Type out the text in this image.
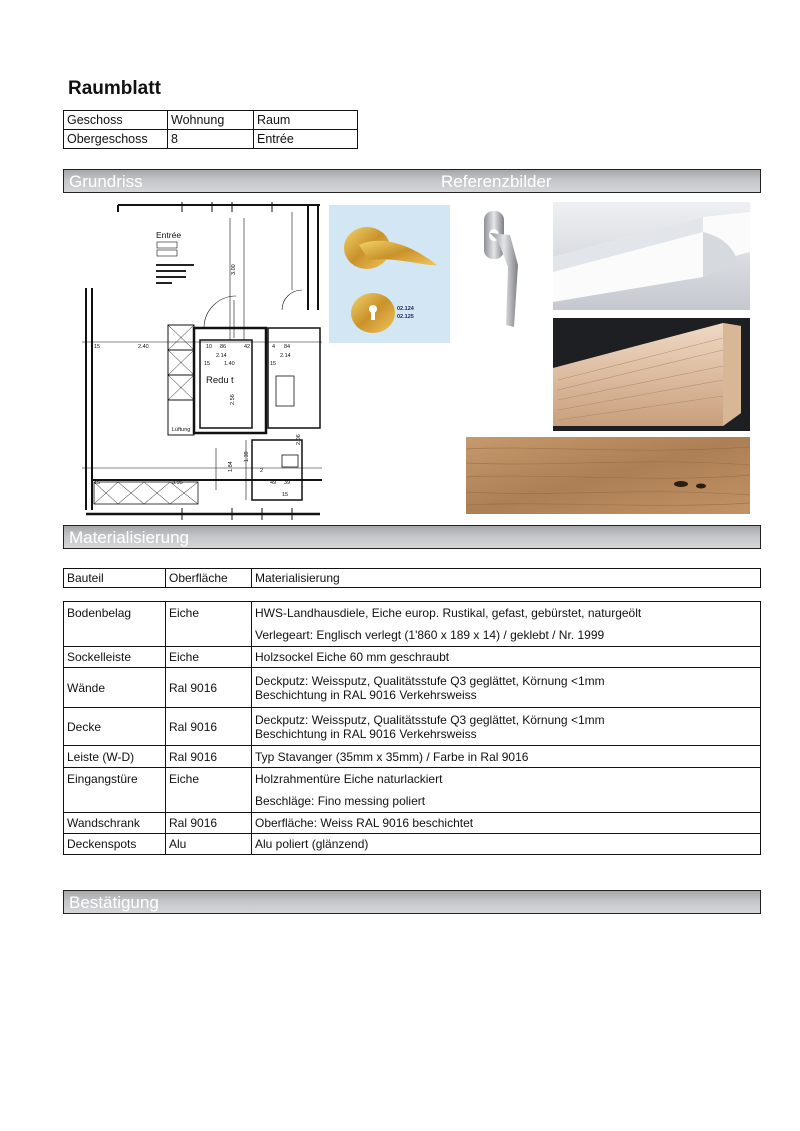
Raumblatt
Geschoss	Wohnung	Raum
Obergeschoss	8	Entrée
Grundriss	Referenzbilder
Entrée
Redu t
Lüftung
15	2.40	10 86	42	4 84
2.14	2.14
15	1.40	15
2.56
3.00
1.39
1.84
2.06
3.95
15	49 39
15
2
02.124
02.125
Materialisierung
Bauteil	Oberfläche	Materialisierung
Bodenbelag	Eiche	HWS-Landhausdiele, Eiche europ. Rustikal, gefast, gebürstet, naturgeölt
Verlegeart: Englisch verlegt (1'860 x 189 x 14) / geklebt / Nr. 1999

Sockelleiste	Eiche	Holzsockel Eiche 60 mm geschraubt
Wände	Ral 9016	Deckputz: Weissputz, Qualitätsstufe Q3 geglättet, Körnung <1mm
Beschichtung in RAL 9016 Verkehrsweiss

Decke	Ral 9016	Deckputz: Weissputz, Qualitätsstufe Q3 geglättet, Körnung <1mm
Beschichtung in RAL 9016 Verkehrsweiss

Leiste (W-D)	Ral 9016	Typ Stavanger (35mm x 35mm) / Farbe in Ral 9016
Eingangstüre	Eiche	Holzrahmentüre Eiche naturlackiert
Beschläge: Fino messing poliert

Wandschrank	Ral 9016	Oberfläche: Weiss RAL 9016 beschichtet
Deckenspots	Alu	Alu poliert (glänzend)
Bestätigung
